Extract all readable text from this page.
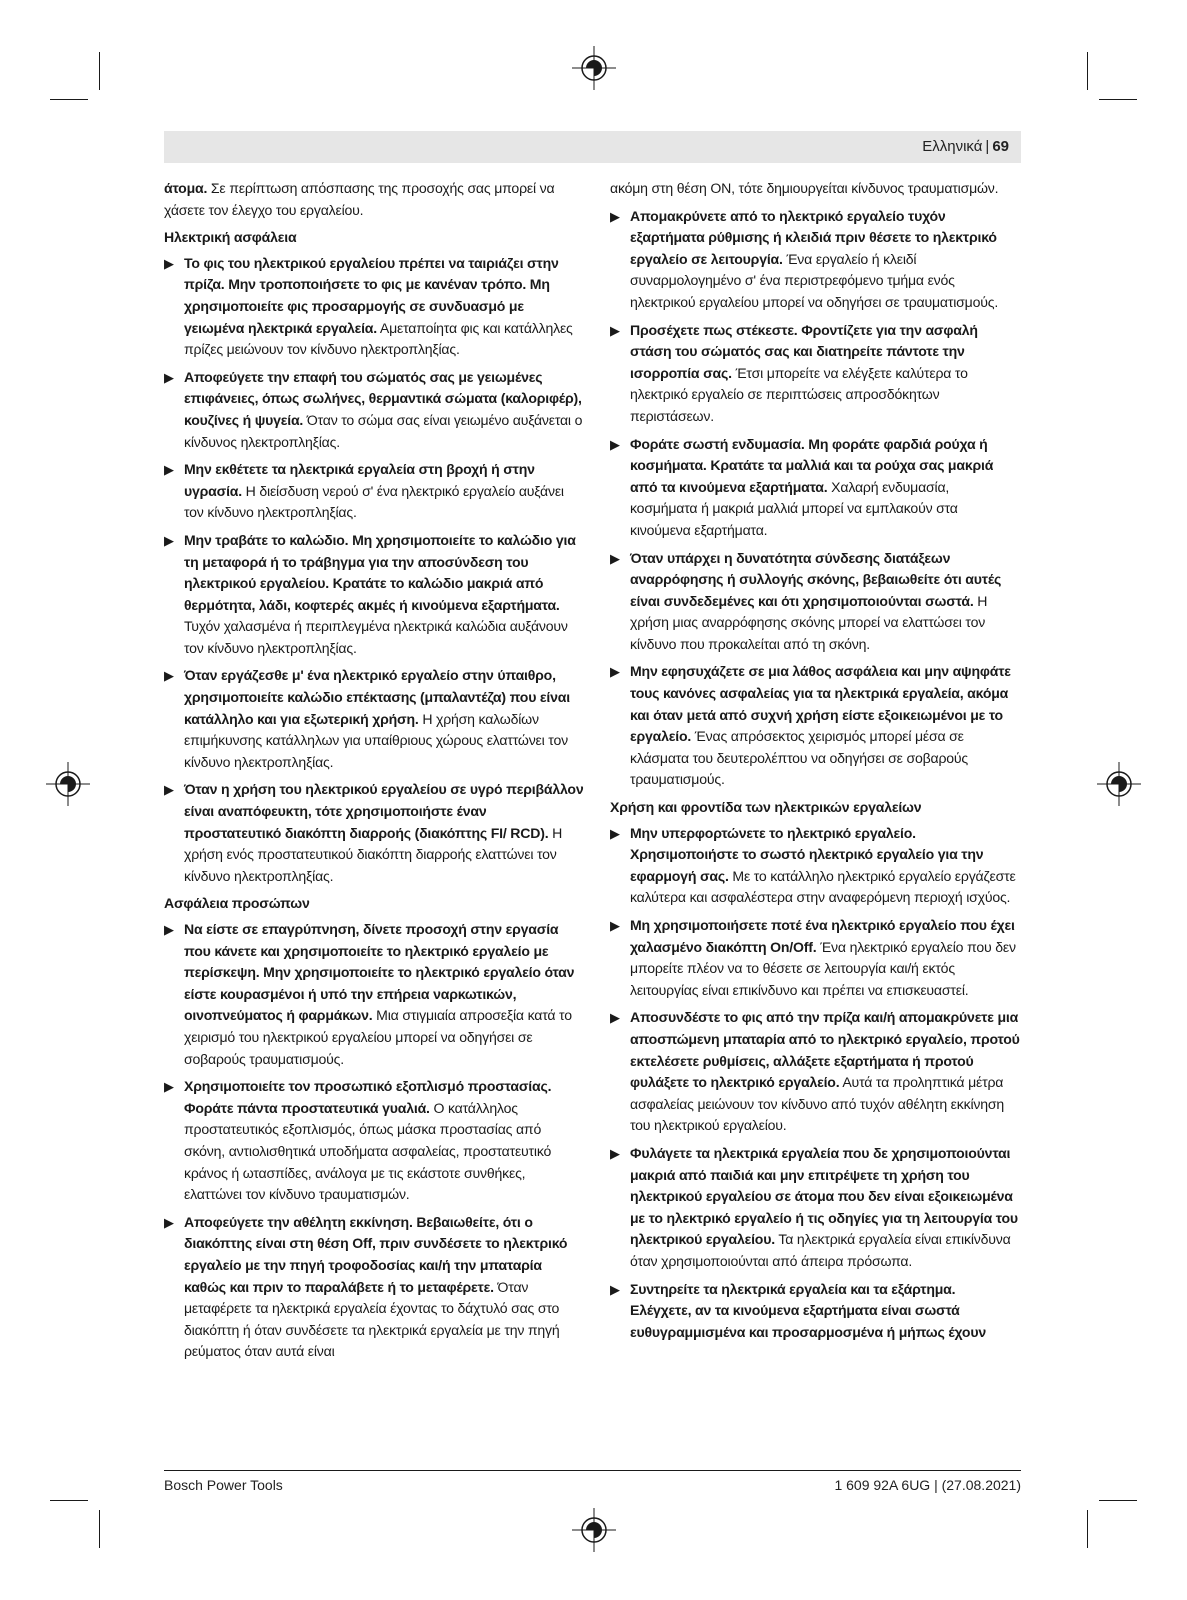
Ελληνικά | 69
άτομα. Σε περίπτωση απόσπασης της προσοχής σας μπορεί να χάσετε τον έλεγχο του εργαλείου.
Ηλεκτρική ασφάλεια
▶ Το φις του ηλεκτρικού εργαλείου πρέπει να ταιριάζει στην πρίζα. Μην τροποποιήσετε το φις με κανέναν τρόπο. Μη χρησιμοποιείτε φις προσαρμογής σε συνδυασμό με γειωμένα ηλεκτρικά εργαλεία. Αμεταποίητα φις και κατάλληλες πρίζες μειώνουν τον κίνδυνο ηλεκτροπληξίας.
▶ Αποφεύγετε την επαφή του σώματός σας με γειωμένες επιφάνειες, όπως σωλήνες, θερμαντικά σώματα (καλοριφέρ), κουζίνες ή ψυγεία. Όταν το σώμα σας είναι γειωμένο αυξάνεται ο κίνδυνος ηλεκτροπληξίας.
▶ Μην εκθέτετε τα ηλεκτρικά εργαλεία στη βροχή ή στην υγρασία. Η διείσδυση νερού σ' ένα ηλεκτρικό εργαλείο αυξάνει τον κίνδυνο ηλεκτροπληξίας.
▶ Μην τραβάτε το καλώδιο. Μη χρησιμοποιείτε το καλώδιο για τη μεταφορά ή το τράβηγμα για την αποσύνδεση του ηλεκτρικού εργαλείου. Κρατάτε το καλώδιο μακριά από θερμότητα, λάδι, κοφτερές ακμές ή κινούμενα εξαρτήματα. Τυχόν χαλασμένα ή περιπλεγμένα ηλεκτρικά καλώδια αυξάνουν τον κίνδυνο ηλεκτροπληξίας.
▶ Όταν εργάζεσθε μ' ένα ηλεκτρικό εργαλείο στην ύπαιθρο, χρησιμοποιείτε καλώδιο επέκτασης (μπαλαντέζα) που είναι κατάλληλο και για εξωτερική χρήση. Η χρήση καλωδίων επιμήκυνσης κατάλληλων για υπαίθριους χώρους ελαττώνει τον κίνδυνο ηλεκτροπληξίας.
▶ Όταν η χρήση του ηλεκτρικού εργαλείου σε υγρό περιβάλλον είναι αναπόφευκτη, τότε χρησιμοποιήστε έναν προστατευτικό διακόπτη διαρροής (διακόπτης FI/ RCD). Η χρήση ενός προστατευτικού διακόπτη διαρροής ελαττώνει τον κίνδυνο ηλεκτροπληξίας.
Ασφάλεια προσώπων
▶ Να είστε σε επαγρύπνηση, δίνετε προσοχή στην εργασία που κάνετε και χρησιμοποιείτε το ηλεκτρικό εργαλείο με περίσκεψη. Μην χρησιμοποιείτε το ηλεκτρικό εργαλείο όταν είστε κουρασμένοι ή υπό την επήρεια ναρκωτικών, οινοπνεύματος ή φαρμάκων. Μια στιγμιαία απροσεξία κατά το χειρισμό του ηλεκτρικού εργαλείου μπορεί να οδηγήσει σε σοβαρούς τραυματισμούς.
▶ Χρησιμοποιείτε τον προσωπικό εξοπλισμό προστασίας. Φοράτε πάντα προστατευτικά γυαλιά. Ο κατάλληλος προστατευτικός εξοπλισμός, όπως μάσκα προστασίας από σκόνη, αντιολισθητικά υποδήματα ασφαλείας, προστατευτικό κράνος ή ωτασπίδες, ανάλογα με τις εκάστοτε συνθήκες, ελαττώνει τον κίνδυνο τραυματισμών.
▶ Αποφεύγετε την αθέλητη εκκίνηση. Βεβαιωθείτε, ότι ο διακόπτης είναι στη θέση Off, πριν συνδέσετε το ηλεκτρικό εργαλείο με την πηγή τροφοδοσίας και/ή την μπαταρία καθώς και πριν το παραλάβετε ή το μεταφέρετε. Όταν μεταφέρετε τα ηλεκτρικά εργαλεία έχοντας το δάχτυλό σας στο διακόπτη ή όταν συνδέσετε τα ηλεκτρικά εργαλεία με την πηγή ρεύματος όταν αυτά είναι
ακόμη στη θέση ON, τότε δημιουργείται κίνδυνος τραυματισμών.
▶ Απομακρύνετε από το ηλεκτρικό εργαλείο τυχόν εξαρτήματα ρύθμισης ή κλειδιά πριν θέσετε το ηλεκτρικό εργαλείο σε λειτουργία. Ένα εργαλείο ή κλειδί συναρμολογημένο σ' ένα περιστρεφόμενο τμήμα ενός ηλεκτρικού εργαλείου μπορεί να οδηγήσει σε τραυματισμούς.
▶ Προσέχετε πως στέκεστε. Φροντίζετε για την ασφαλή στάση του σώματός σας και διατηρείτε πάντοτε την ισορροπία σας. Έτσι μπορείτε να ελέγξετε καλύτερα το ηλεκτρικό εργαλείο σε περιπτώσεις απροσδόκητων περιστάσεων.
▶ Φοράτε σωστή ενδυμασία. Μη φοράτε φαρδιά ρούχα ή κοσμήματα. Κρατάτε τα μαλλιά και τα ρούχα σας μακριά από τα κινούμενα εξαρτήματα. Χαλαρή ενδυμασία, κοσμήματα ή μακριά μαλλιά μπορεί να εμπλακούν στα κινούμενα εξαρτήματα.
▶ Όταν υπάρχει η δυνατότητα σύνδεσης διατάξεων αναρρόφησης ή συλλογής σκόνης, βεβαιωθείτε ότι αυτές είναι συνδεδεμένες και ότι χρησιμοποιούνται σωστά. Η χρήση μιας αναρρόφησης σκόνης μπορεί να ελαττώσει τον κίνδυνο που προκαλείται από τη σκόνη.
▶ Μην εφησυχάζετε σε μια λάθος ασφάλεια και μην αψηφάτε τους κανόνες ασφαλείας για τα ηλεκτρικά εργαλεία, ακόμα και όταν μετά από συχνή χρήση είστε εξοικειωμένοι με το εργαλείο. Ένας απρόσεκτος χειρισμός μπορεί μέσα σε κλάσματα του δευτερολέπτου να οδηγήσει σε σοβαρούς τραυματισμούς.
Χρήση και φροντίδα των ηλεκτρικών εργαλείων
▶ Μην υπερφορτώνετε το ηλεκτρικό εργαλείο. Χρησιμοποιήστε το σωστό ηλεκτρικό εργαλείο για την εφαρμογή σας. Με το κατάλληλο ηλεκτρικό εργαλείο εργάζεστε καλύτερα και ασφαλέστερα στην αναφερόμενη περιοχή ισχύος.
▶ Μη χρησιμοποιήσετε ποτέ ένα ηλεκτρικό εργαλείο που έχει χαλασμένο διακόπτη On/Off. Ένα ηλεκτρικό εργαλείο που δεν μπορείτε πλέον να το θέσετε σε λειτουργία και/ή εκτός λειτουργίας είναι επικίνδυνο και πρέπει να επισκευαστεί.
▶ Αποσυνδέστε το φις από την πρίζα και/ή απομακρύνετε μια αποσπώμενη μπαταρία από το ηλεκτρικό εργαλείο, προτού εκτελέσετε ρυθμίσεις, αλλάξετε εξαρτήματα ή προτού φυλάξετε το ηλεκτρικό εργαλείο. Αυτά τα προληπτικά μέτρα ασφαλείας μειώνουν τον κίνδυνο από τυχόν αθέλητη εκκίνηση του ηλεκτρικού εργαλείου.
▶ Φυλάγετε τα ηλεκτρικά εργαλεία που δε χρησιμοποιούνται μακριά από παιδιά και μην επιτρέψετε τη χρήση του ηλεκτρικού εργαλείου σε άτομα που δεν είναι εξοικειωμένα με το ηλεκτρικό εργαλείο ή τις οδηγίες για τη λειτουργία του ηλεκτρικού εργαλείου. Τα ηλεκτρικά εργαλεία είναι επικίνδυνα όταν χρησιμοποιούνται από άπειρα πρόσωπα.
▶ Συντηρείτε τα ηλεκτρικά εργαλεία και τα εξάρτημα. Ελέγχετε, αν τα κινούμενα εξαρτήματα είναι σωστά ευθυγραμμισμένα και προσαρμοσμένα ή μήπως έχουν
Bosch Power Tools	1 609 92A 6UG | (27.08.2021)
